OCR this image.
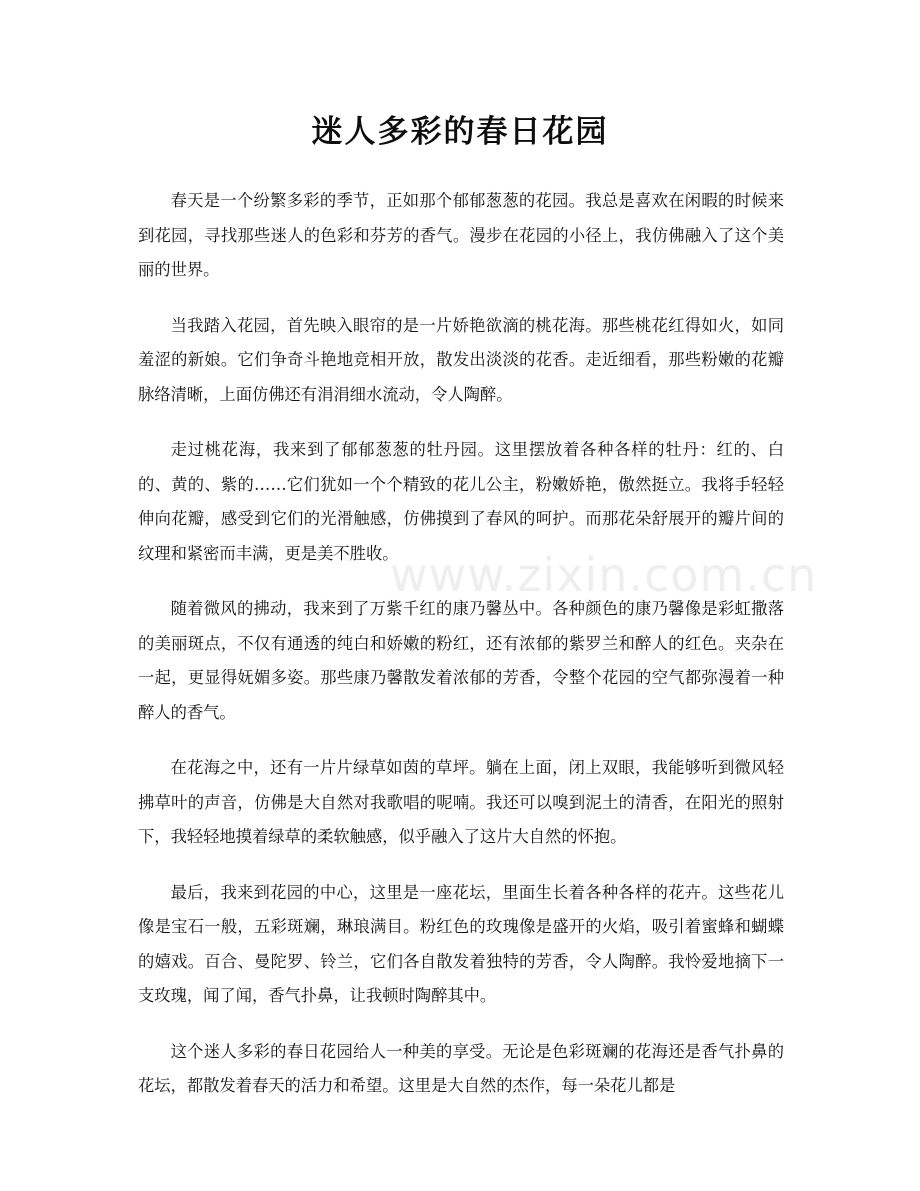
迷人多彩的春日花园
www.zixin.com.cn

春天是一个纷繁多彩的季节，正如那个郁郁葱葱的花园。我总是喜欢在闲暇的时候来到花园，寻找那些迷人的色彩和芬芳的香气。漫步在花园的小径上，我仿佛融入了这个美丽的世界。

当我踏入花园，首先映入眼帘的是一片娇艳欲滴的桃花海。那些桃花红得如火，如同羞涩的新娘。它们争奇斗艳地竞相开放，散发出淡淡的花香。走近细看，那些粉嫩的花瓣脉络清晰，上面仿佛还有涓涓细水流动，令人陶醉。

走过桃花海，我来到了郁郁葱葱的牡丹园。这里摆放着各种各样的牡丹：红的、白的、黄的、紫的……它们犹如一个个精致的花儿公主，粉嫩娇艳，傲然挺立。我将手轻轻伸向花瓣，感受到它们的光滑触感，仿佛摸到了春风的呵护。而那花朵舒展开的瓣片间的纹理和紧密而丰满，更是美不胜收。

随着微风的拂动，我来到了万紫千红的康乃馨丛中。各种颜色的康乃馨像是彩虹撒落的美丽斑点，不仅有通透的纯白和娇嫩的粉红，还有浓郁的紫罗兰和醉人的红色。夹杂在一起，更显得妩媚多姿。那些康乃馨散发着浓郁的芳香，令整个花园的空气都弥漫着一种醉人的香气。

在花海之中，还有一片片绿草如茵的草坪。躺在上面，闭上双眼，我能够听到微风轻拂草叶的声音，仿佛是大自然对我歌唱的呢喃。我还可以嗅到泥土的清香，在阳光的照射下，我轻轻地摸着绿草的柔软触感，似乎融入了这片大自然的怀抱。

最后，我来到花园的中心，这里是一座花坛，里面生长着各种各样的花卉。这些花儿像是宝石一般，五彩斑斓，琳琅满目。粉红色的玫瑰像是盛开的火焰，吸引着蜜蜂和蝴蝶的嬉戏。百合、曼陀罗、铃兰，它们各自散发着独特的芳香，令人陶醉。我怜爱地摘下一支玫瑰，闻了闻，香气扑鼻，让我顿时陶醉其中。

这个迷人多彩的春日花园给人一种美的享受。无论是色彩斑斓的花海还是香气扑鼻的花坛，都散发着春天的活力和希望。这里是大自然的杰作，每一朵花儿都是
